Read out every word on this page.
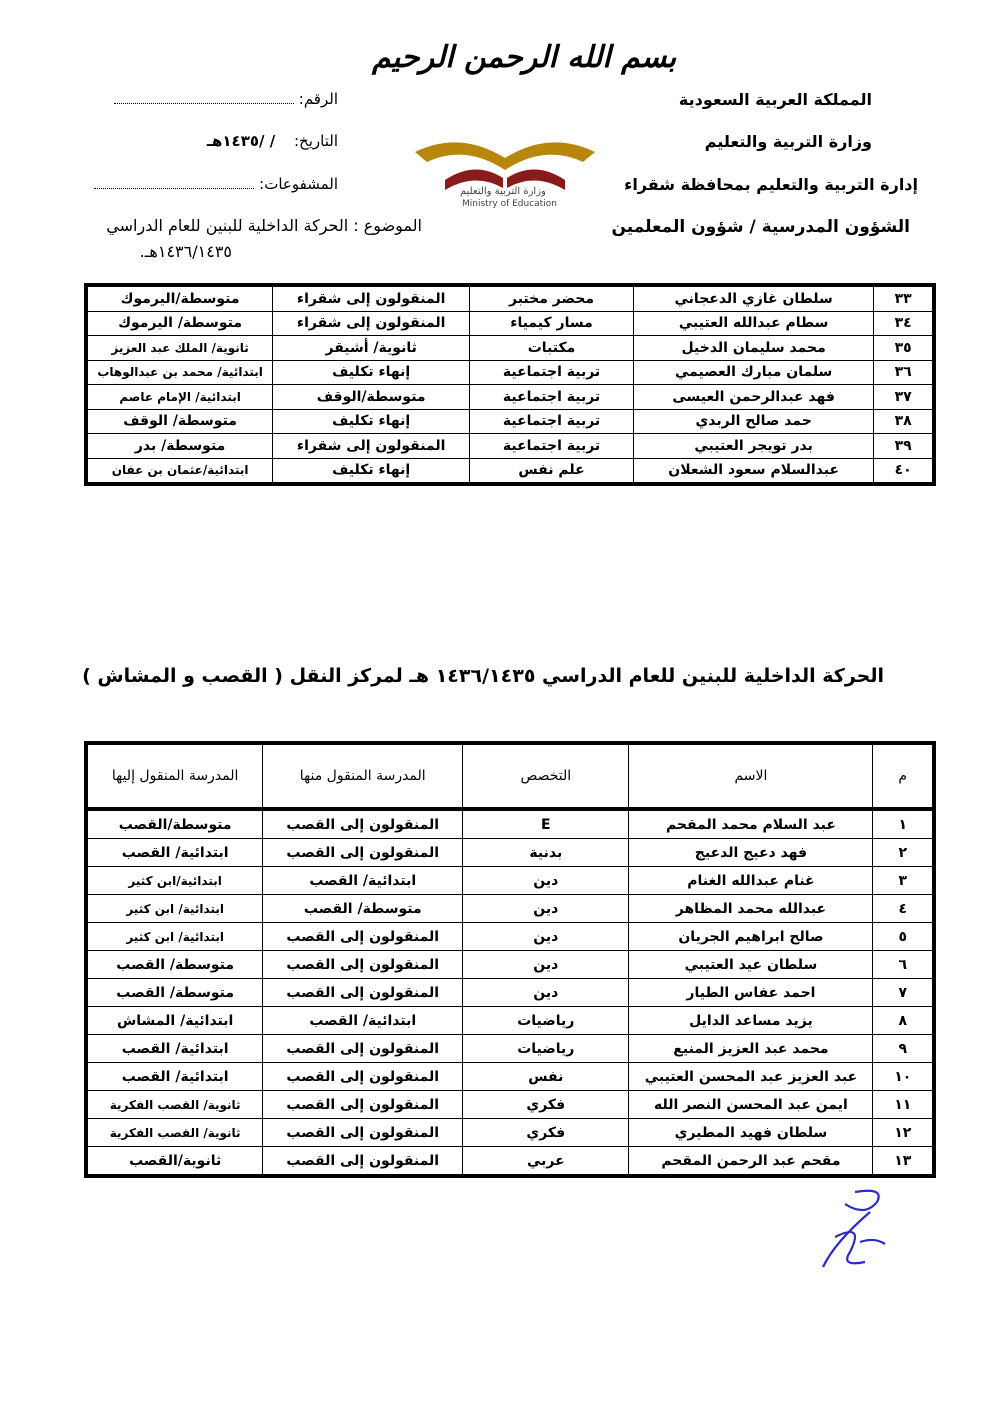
بسم الله الرحمن الرحيم
وزارة التربية والتعليم
Ministry of Education
المملكة العربية السعودية
وزارة التربية والتعليم
إدارة التربية والتعليم بمحافظة شقراء
الشؤون المدرسية / شؤون المعلمين
الرقم:
التاريخ: / /١٤٣٥هـ
المشفوعات:
الموضوع : الحركة الداخلية للبنين للعام الدراسي
١٤٣٦/١٤٣٥هـ.
٣٣	سلطان غازي الدعجاني	محضر مختبر	المنقولون إلى شقراء	متوسطة/اليرموك
٣٤	سطام عبدالله العتيبي	مسار كيمياء	المنقولون إلى شقراء	متوسطة/ اليرموك
٣٥	محمد سليمان الدخيل	مكتبات	ثانوية/ أشيقر	ثانوية/ الملك عبد العزيز
٣٦	سلمان مبارك العصيمي	تربية اجتماعية	إنهاء تكليف	ابتدائية/ محمد بن عبدالوهاب
٣٧	فهد عبدالرحمن العيسى	تربية اجتماعية	متوسطة/الوقف	ابتدائية/ الإمام عاصم
٣٨	حمد صالح الربدي	تربية اجتماعية	إنهاء تكليف	متوسطة/ الوقف
٣٩	بدر تويجر العتيبي	تربية اجتماعية	المنقولون إلى شقراء	متوسطة/ بدر
٤٠	عبدالسلام سعود الشعلان	علم نفس	إنهاء تكليف	ابتدائية/عثمان بن عفان
الحركة الداخلية للبنين للعام الدراسي ١٤٣٦/١٤٣٥ هـ لمركز النقل ( القصب و المشاش )
م	الاسم	التخصص	المدرسة المنقول منها	المدرسة المنقول إليها
١	عبد السلام محمد المقحم	E	المنقولون إلى القصب	متوسطة/القصب
٢	فهد دعيج الدعيج	بدنية	المنقولون إلى القصب	ابتدائية/ القصب
٣	غنام عبدالله الغنام	دين	ابتدائية/ القصب	ابتدائية/ابن كثير
٤	عبدالله محمد المظاهر	دين	متوسطة/ القصب	ابتدائية/ ابن كثير
٥	صالح ابراهيم الجريان	دين	المنقولون إلى القصب	ابتدائية/ ابن كثير
٦	سلطان عيد العتيبي	دين	المنقولون إلى القصب	متوسطة/ القصب
٧	احمد عفاس الطيار	دين	المنقولون إلى القصب	متوسطة/ القصب
٨	يزيد مساعد الدايل	رياضيات	ابتدائية/ القصب	ابتدائية/ المشاش
٩	محمد عبد العزيز المنيع	رياضيات	المنقولون إلى القصب	ابتدائية/ القصب
١٠	عبد العزيز عبد المحسن العتيبي	نفس	المنقولون إلى القصب	ابتدائية/ القصب
١١	ايمن عبد المحسن النصر الله	فكري	المنقولون إلى القصب	ثانوية/ القصب الفكرية
١٢	سلطان فهيد المطيري	فكري	المنقولون إلى القصب	ثانوية/ القصب الفكرية
١٣	مقحم عبد الرحمن المقحم	عربي	المنقولون إلى القصب	ثانوية/القصب
